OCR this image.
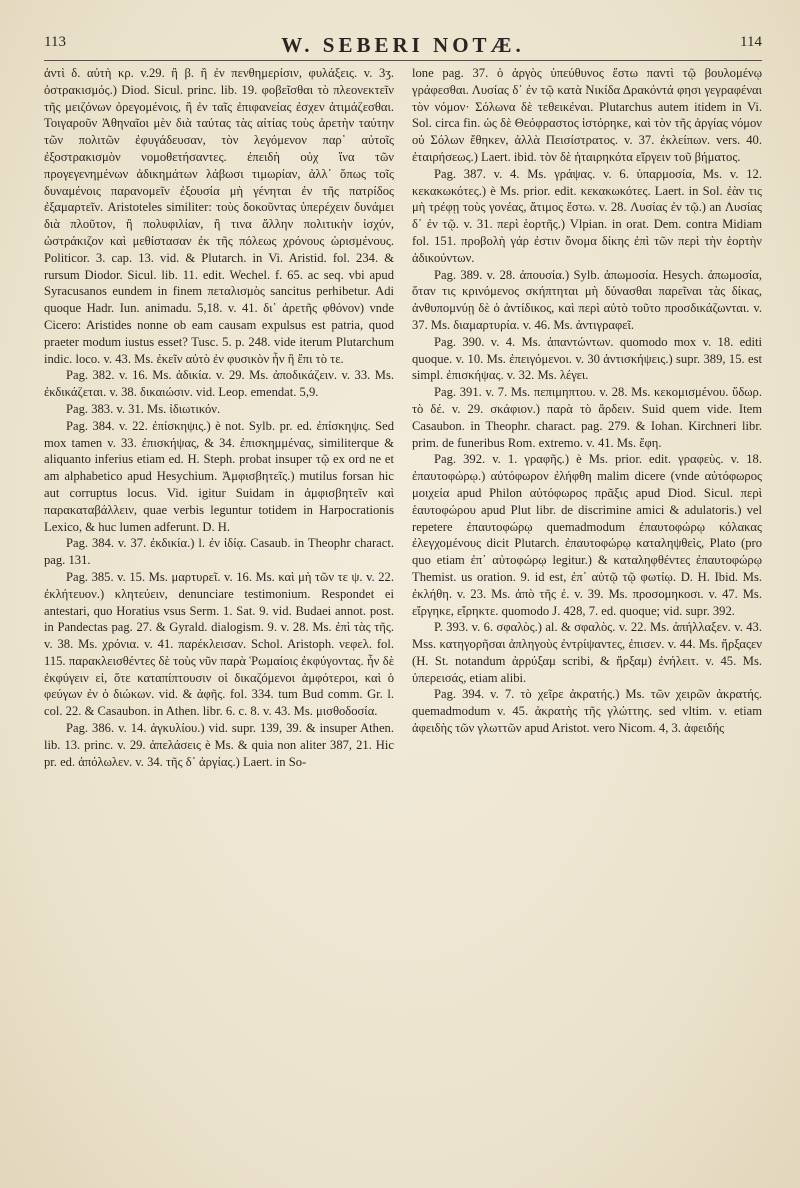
113	W. SEBERI NOTÆ.	114

ἀντὶ δ. αὐτὴ κρ. v.29. ἢ β. ἢ ἐν πενθημερίσιν, φυλάξεις. v. 3ʒ. ὀστρακισμός.) Diod. Sicul. princ. lib. 19. φοβεῖσθαι τὸ πλεονεκτεῖν τῆς μειζόνων ὀρεγομένοις, ἢ ἐν ταῖς ἐπιφανείας ἐσχεν ἀτιμάζεσθαι. Τοιγαροῦν Ἀθηναῖοι μὲν διὰ ταύτας τὰς αἰτίας τοὺς ἀρετὴν ταύτην τῶν πολιτῶν ἐφυγάδευσαν, τὸν λεγόμενον παρ᾽ αὐτοῖς ἐξοστρακισμὸν νομοθετήσαντες. ἐπειδὴ οὐχ ἵνα τῶν προγεγενημένων ἀδικημάτων λάβωσι τιμωρίαν, ἀλλ᾽ ὅπως τοῖς δυναμένοις παρανομεῖν ἐξουσία μὴ γένηται ἐν τῆς πατρίδος ἐξαμαρτεῖν. Aristoteles similiter: τοὺς δοκοῦντας ὑπερέχειν δυνάμει διὰ πλοῦτον, ἢ πολυφιλίαν, ἢ τινα ἄλλην πολιτικὴν ἰσχύν, ὠστράκιζον καὶ μεθίστασαν ἐκ τῆς πόλεως χρόνους ὡρισμένους. Politicor. 3. cap. 13. vid. & Plutarch. in Vi. Aristid. fol. 234. & rursum Diodor. Sicul. lib. 11. edit. Wechel. f. 65. ac seq. vbi apud Syracusanos eundem in finem πεταλισμὸς sancitus perhibetur. Adi quoque Hadr. Iun. animadu. 5,18. v. 41. δι᾽ ἀρετῆς φθόνον) vnde Cicero: Aristides nonne ob eam causam expulsus est patria, quod praeter modum iustus esset? Tusc. 5. p. 248. vide iterum Plutarchum indic. loco. v. 43. Ms. ἐκεῖν αὐτὸ ἐν φυσικὸν ἦν ἢ ἔπι τὸ τε.

Pag. 382. v. 16. Ms. ἀδικία. v. 29. Ms. ἀποδικάζειν. v. 33. Ms. ἐκδικάζεται. v. 38. δικαιώσιν. vid. Leop. emendat. 5,9.

Pag. 383. v. 31. Ms. ἰδιωτικόν.

Pag. 384. v. 22. ἐπίσκηψις.) è not. Sylb. pr. ed. ἐπίσκηψις. Sed mox tamen v. 33. ἐπισκήψας, & 34. ἐπισκημμένας, similiterque & aliquanto inferius etiam ed. H. Steph. probat insuper τῷ ex ord ne et am alphabetico apud Hesychium. Ἀμφισβητεῖς.) mutilus forsan hic aut corruptus locus. Vid. igitur Suidam in ἀμφισβητεῖν καὶ παρακαταβάλλειν, quae verbis leguntur totidem in Harpocrationis Lexico, & huc lumen adferunt. D. H.

Pag. 384. v. 37. ἐκδικία.) l. ἐν ἰδίᾳ. Casaub. in Theophr charact. pag. 131.

Pag. 385. v. 15. Ms. μαρτυρεῖ. v. 16. Ms. καὶ μὴ τῶν τε ψ. v. 22. ἐκλήτευον.) κλητεύειν, denunciare testimonium. Respondet ei antestari, quo Horatius vsus Serm. 1. Sat. 9. vid. Budaei annot. post. in Pandectas pag. 27. & Gyrald. dialogism. 9. v. 28. Ms. ἐπὶ τὰς τῆς. v. 38. Ms. χρόνια. v. 41. παρέκλεισαν. Schol. Aristoph. νεφελ. fol. 115. παρακλεισθέντες δὲ τοὺς νῦν παρὰ Ῥωμαίοις ἐκφύγοντας. ἦν δὲ ἐκφύγειν εἰ, ὅτε καταπίπτουσιν οἱ δικαζόμενοι ἀμφότεροι, καὶ ὁ φεύγων ἐν ὁ διώκων. vid. & ἀφῆς. fol. 334. tum Bud comm. Gr. l. col. 22. & Casaubon. in Athen. libr. 6. c. 8. v. 43. Ms. μισθοδοσία.

Pag. 386. v. 14. ἀγκυλίου.) vid. supr. 139, 39. & insuper Athen. lib. 13. princ. v. 29. ἀπελάσεις è Ms. & quia non aliter 387, 21. Hic pr. ed. ἀπόλωλεν. v. 34. τῆς δ᾽ ἀργίας.) Laert. in So-

lone pag. 37. ὁ ἀργὸς ὑπεύθυνος ἔστω παντὶ τῷ βουλομένῳ γράφεσθαι. Λυσίας δ᾽ ἐν τῷ κατὰ Νικίδα Δρακόντά φησι γεγραφέναι τὸν νόμον· Σόλωνα δὲ τεθεικέναι. Plutarchus autem itidem in Vi. Sol. circa fin. ὡς δὲ Θεόφραστος ἱστόρηκε, καὶ τὸν τῆς ἀργίας νόμον οὐ Σόλων ἔθηκεν, ἀλλὰ Πεισίστρατος. v. 37. ἐκλείπων. vers. 40. ἐταιρήσεως.) Laert. ibid. τὸν δὲ ἡταιρηκότα εἴργειν τοῦ βήματος.

Pag. 387. v. 4. Ms. γράψας. v. 6. ὑπαρμοσία, Ms. v. 12. κεκακωκότες.) è Ms. prior. edit. κεκακωκότες. Laert. in Sol. ἐὰν τις μὴ τρέφῃ τοὺς γονέας, ἄτιμος ἔστω. v. 28. Λυσίας ἐν τῷ.) an Λυσίας δ᾽ ἐν τῷ. v. 31. περὶ ἑορτῆς.) Vlpian. in orat. Dem. contra Midiam fol. 151. προβολὴ γάρ ἐστιν ὄνομα δίκης ἐπὶ τῶν περὶ τὴν ἑορτὴν ἀδικούντων.

Pag. 389. v. 28. ἀπουσία.) Sylb. ἀπωμοσία. Hesych. ἀπωμοσία, ὅταν τις κρινόμενος σκήπτηται μὴ δύνασθαι παρεῖναι τὰς δίκας, ἀνθυπομνύῃ δὲ ὁ ἀντίδικος, καὶ περὶ αὐτὸ τοῦτο προσδικάζωνται. v. 37. Ms. διαμαρτυρία. v. 46. Ms. ἀντιγραφεῖ.

Pag. 390. v. 4. Ms. ἀπαντώντων. quomodo mox v. 18. editi quoque. v. 10. Ms. ἐπειγόμενοι. v. 30 ἀντισκήψεις.) supr. 389, 15. est simpl. ἐπισκήψας. v. 32. Ms. λέγει.

Pag. 391. v. 7. Ms. πεπιμηπτου. v. 28. Ms. κεκομισμένου. ὕδωρ. τὸ δέ. v. 29. σκάφιον.) παρὰ τὸ ἄρδειν. Suid quem vide. Item Casaubon. in Theophr. charact. pag. 279. & Iohan. Kirchneri libr. prim. de funeribus Rom. extremo. v. 41. Ms. ἔφη.

Pag. 392. v. 1. γραφῆς.) è Ms. prior. edit. γραφεὺς. v. 18. ἐπαυτοφώρῳ.) αὐτόφωρον ἐλήφθη malim dicere (vnde αὐτόφωρος μοιχεία apud Philon αὐτόφωρος πρᾶξις apud Diod. Sicul. περὶ ἑαυτοφώρου apud Plut libr. de discrimine amici & adulatoris.) vel repetere ἐπαυτοφώρῳ quemadmodum ἐπαυτοφώρῳ κόλακας ἐλεγχομένους dicit Plutarch. ἐπαυτοφώρῳ καταληψθεὶς, Plato (pro quo etiam ἐπ᾽ αὐτοφώρῳ legitur.) & καταληφθέντες ἐπαυτοφώρῳ Themist. us oration. 9. id est, ἐπ᾽ αὐτῷ τῷ φωτίῳ. D. H. Ibid. Ms. ἐκλήθη. v. 23. Ms. ἀπὸ τῆς ἐ. v. 39. Ms. προσομηκοσι. v. 47. Ms. εἴργηκε, εἴρηκτε. quomodo J. 428, 7. ed. quoque; vid. supr. 392.

P. 393. v. 6. σφαλὸς.) al. & σφαλὸς. v. 22. Ms. ἀπήλλαξεν. v. 43. Mss. κατηγορῆσαι ἀπληγοὺς ἐντρίψαντες, ἐπισεν. v. 44. Ms. ἤρξαςεν (H. St. notandum ἀρρύξαμ scribi, & ἤρξαμ) ἐνήλειτ. v. 45. Ms. ὑπερεισάς, etiam alibi.

Pag. 394. v. 7. τὸ χεῖρε ἀκρατής.) Ms. τῶν χειρῶν ἀκρατής. quemadmodum v. 45. ἀκρατὴς τῆς γλώττης. sed vltim. v. etiam ἀφειδὴς τῶν γλωττῶν apud Aristot. vero Nicom. 4, 3. ἀφειδής
